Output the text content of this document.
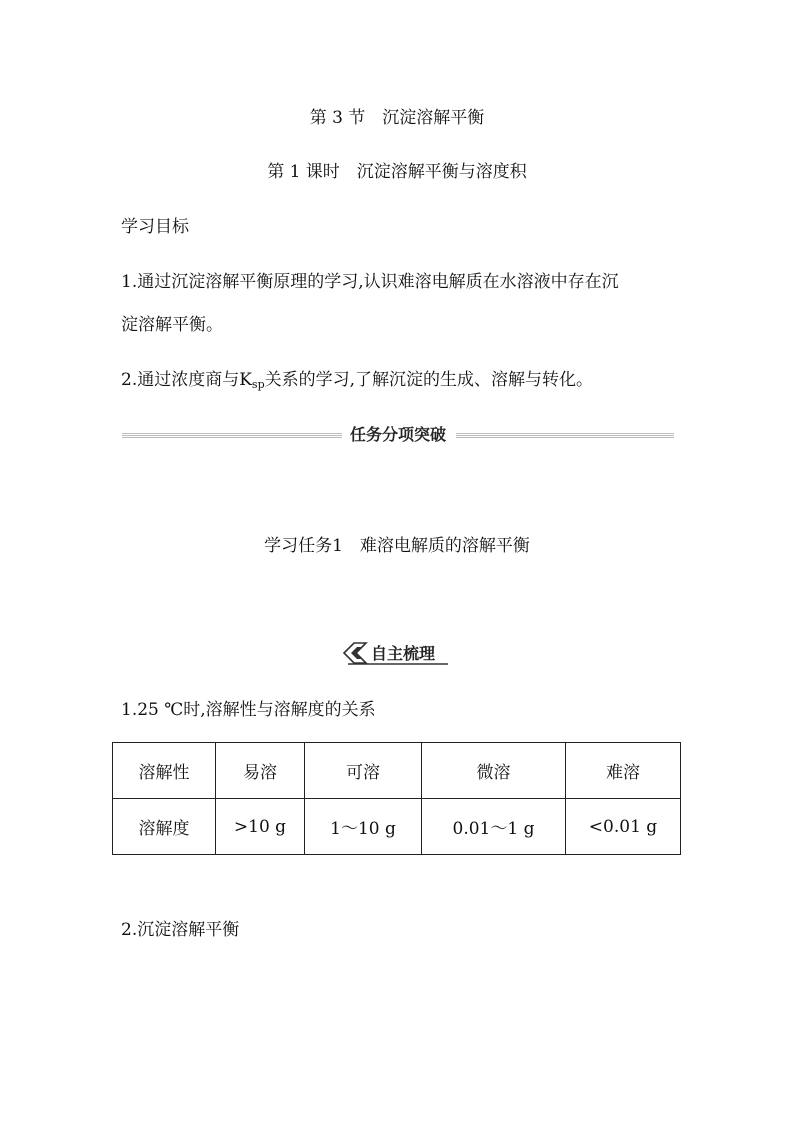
第 3 节　沉淀溶解平衡
第 1 课时　沉淀溶解平衡与溶度积
学习目标
1.通过沉淀溶解平衡原理的学习,认识难溶电解质在水溶液中存在沉
淀溶解平衡。
2.通过浓度商与$K_{sp}$关系的学习,了解沉淀的生成、溶解与转化。
任务分项突破
学习任务1　难溶电解质的溶解平衡
自主梳理
1.25 ℃时,溶解性与溶解度的关系
溶解性	易溶	可溶	微溶	难溶
溶解度	>10 g	1～10 g	0.01～1 g	<0.01 g
2.沉淀溶解平衡
